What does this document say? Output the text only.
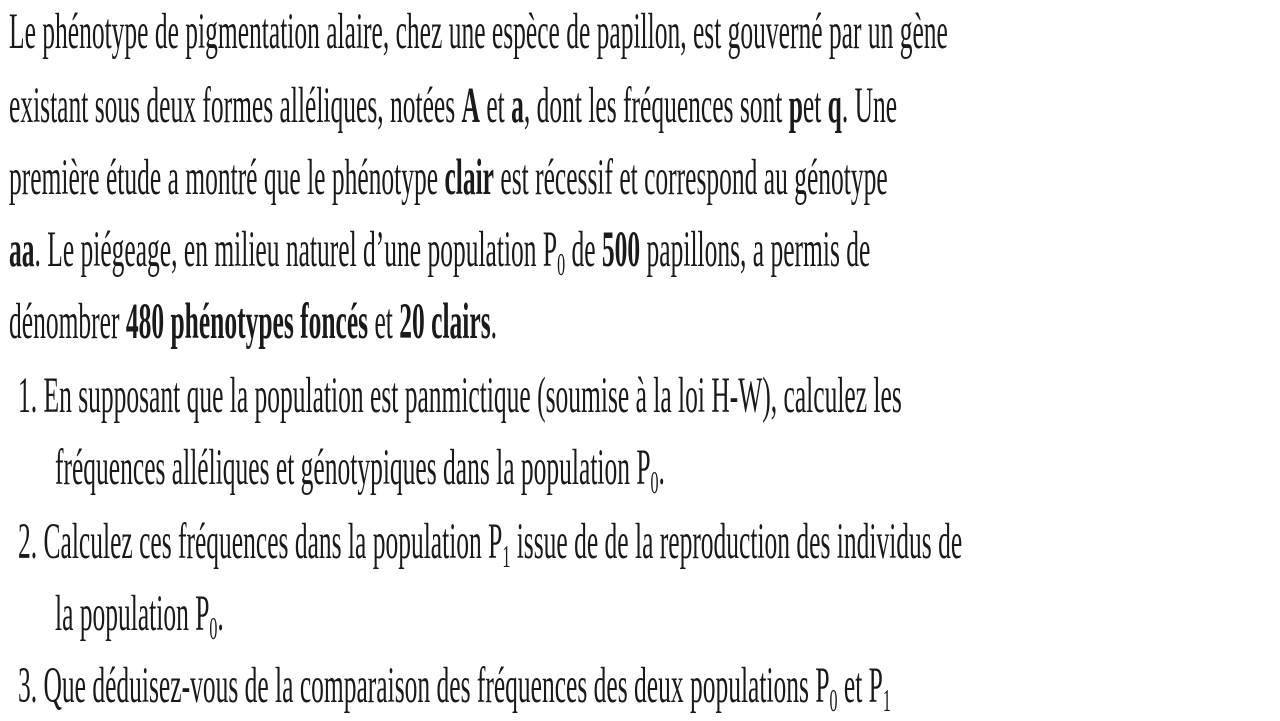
Le phénotype de pigmentation alaire, chez une espèce de papillon, est gouverné par un gène
existant sous deux formes alléliques, notées A et a, dont les fréquences sont pet q. Une
première étude a montré que le phénotype clair est récessif et correspond au génotype
aa. Le piégeage, en milieu naturel d’une population $P_0$ de 500 papillons, a permis de
dénombrer 480 phénotypes foncés et 20 clairs.
1. En supposant que la population est panmictique (soumise à la loi H-W), calculez les
fréquences alléliques et génotypiques dans la population $P_0$.
2. Calculez ces fréquences dans la population $P_1$ issue de de la reproduction des individus de
la population $P_0$.
3. Que déduisez-vous de la comparaison des fréquences des deux populations $P_0$ et $P_1$
